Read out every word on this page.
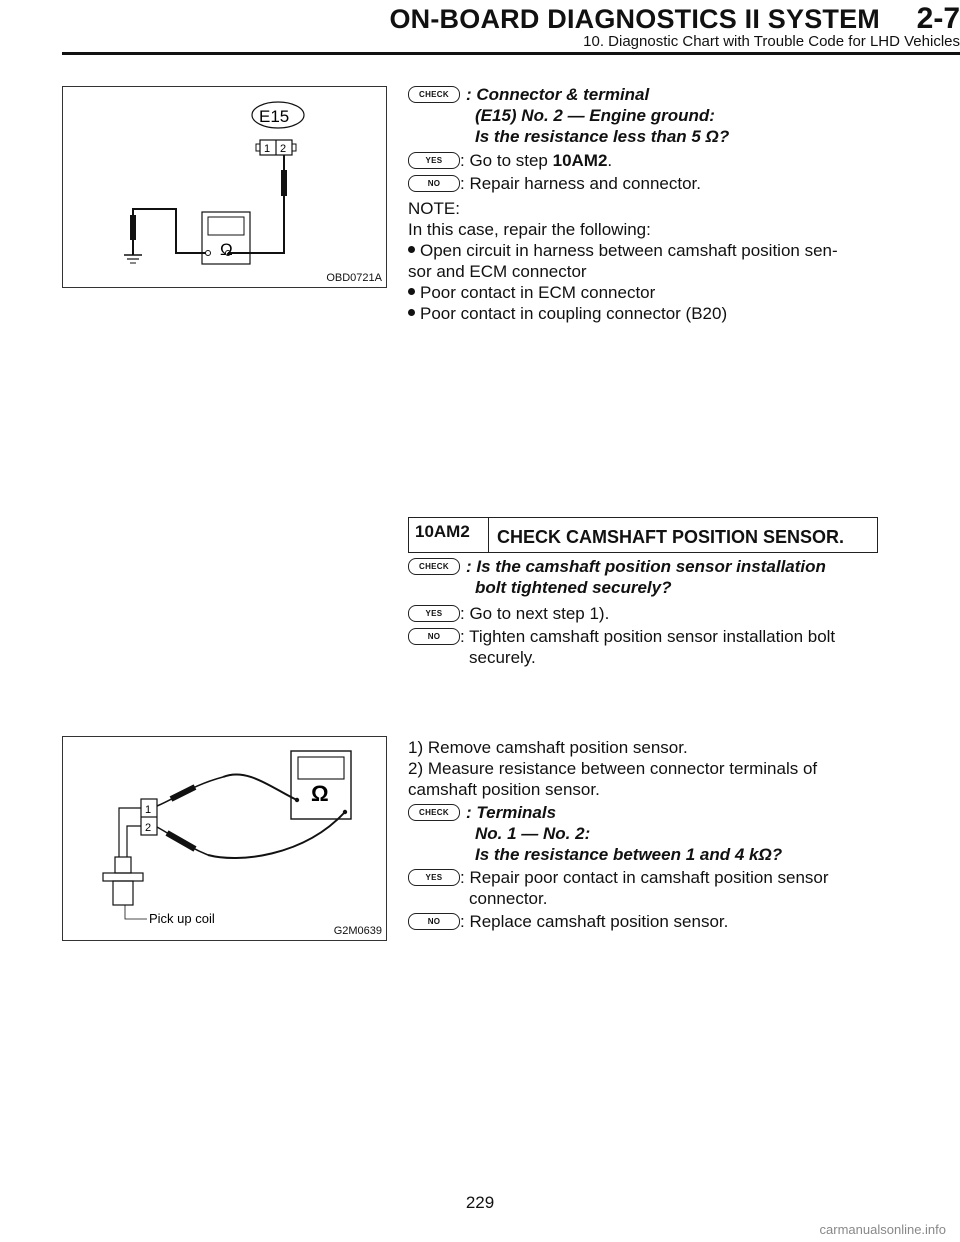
ON-BOARD DIAGNOSTICS II SYSTEM	2-7
10. Diagnostic Chart with Trouble Code for LHD Vehicles
E15
1 2
Ω
OBD0721A
CHECK	: Connector & terminal
(E15) No. 2 — Engine ground:
Is the resistance less than 5 Ω?
YES	: Go to step 10AM2.
NO	: Repair harness and connector.
NOTE:
In this case, repair the following:
Open circuit in harness between camshaft position sen-
sor and ECM connector
Poor contact in ECM connector
Poor contact in coupling connector (B20)
10AM2	CHECK CAMSHAFT POSITION SENSOR.
CHECK	: Is the camshaft position sensor installation
bolt tightened securely?
YES	: Go to next step 1).
NO	: Tighten camshaft position sensor installation bolt
securely.
Ω
1
2
Pick up coil
G2M0639
1) Remove camshaft position sensor.
2) Measure resistance between connector terminals of
camshaft position sensor.
CHECK	: Terminals
No. 1 — No. 2:
Is the resistance between 1 and 4 kΩ?
YES	: Repair poor contact in camshaft position sensor
connector.
NO	: Replace camshaft position sensor.
229
carmanualsonline.info
